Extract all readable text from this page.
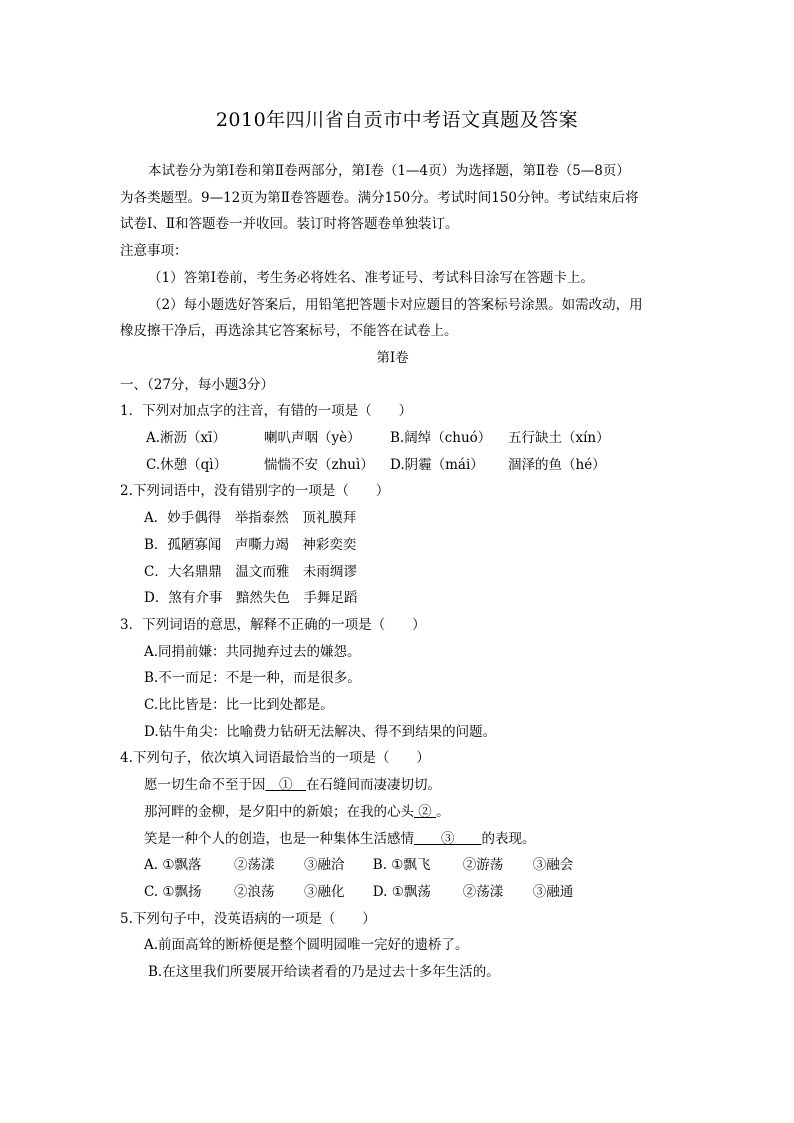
2010年四川省自贡市中考语文真题及答案

本试卷分为第Ⅰ卷和第Ⅱ卷两部分，第Ⅰ卷（1—4页）为选择题，第Ⅱ卷（5—8页）

为各类题型。9—12页为第Ⅱ卷答题卷。满分150分。考试时间150分钟。考试结束后将

试卷Ⅰ、Ⅱ和答题卷一并收回。装订时将答题卷单独装订。

注意事项：

（1）答第Ⅰ卷前，考生务必将姓名、准考证号、考试科目涂写在答题卡上。

（2）每小题选好答案后，用铅笔把答题卡对应题目的答案标号涂黑。如需改动，用

橡皮擦干净后，再选涂其它答案标号，不能答在试卷上。

第Ⅰ卷

一、（27分，每小题3分）

1．下列对加点字的注音，有错的一项是（　　）

A.淅沥（xī）	喇叭声咽（yè）	B.阔绰（chuó）	五行缺土（xín）
C.休憩（qì）	惴惴不安（zhuì）	D.阴霾（mái）	涸泽的鱼（hé）

2.下列词语中，没有错别字的一项是（　　）

A．妙手偶得　举指泰然　顶礼膜拜

B．孤陋寡闻　声嘶力竭　神彩奕奕

C．大名鼎鼎　温文而雅　未雨绸谬

D．煞有介事　黯然失色　手舞足蹈

3．下列词语的意思，解释不正确的一项是（　　）

A.同捐前嫌：共同抛弃过去的嫌怨。

B.不一而足：不是一种，而是很多。

C.比比皆是：比一比到处都是。

D.钻牛角尖：比喻费力钻研无法解决、得不到结果的问题。

4.下列句子，依次填入词语最恰当的一项是（　　）

愿一切生命不至于因　①　在石缝间而凄凄切切。

那河畔的金柳，是夕阳中的新娘；在我的心头 ② 。

笑是一种个人的创造，也是一种集体生活感情　　③　　的表现。

A. ①飘落 ②荡漾 ③融洽

B. ①飘飞 ②游荡 ③融会

C. ①飘扬 ②浪荡 ③融化

D. ①飘荡 ②荡漾 ③融通

5.下列句子中，没英语病的一项是（　　）

A.前面高耸的断桥便是整个圆明园唯一完好的遗桥了。

B.在这里我们所要展开给读者看的乃是过去十多年生活的。
